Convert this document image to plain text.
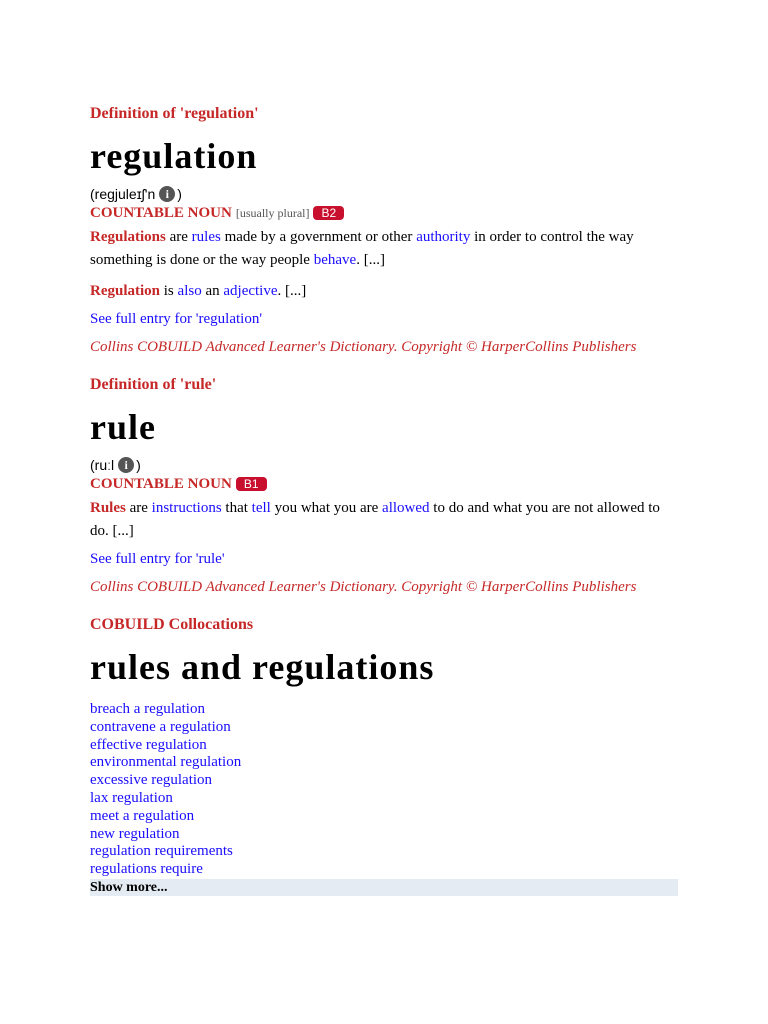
Definition of 'regulation'
regulation
( regjuleɪʃ'n i )
COUNTABLE NOUN [usually plural]	B2
Regulations are rules made by a government or other authority in order to control the way something is done or the way people behave. [...]
Regulation is also an adjective. [...]
See full entry for 'regulation'
Collins COBUILD Advanced Learner's Dictionary. Copyright © HarperCollins Publishers
Definition of 'rule'
rule
( ruːl i )
COUNTABLE NOUN	B1
Rules are instructions that tell you what you are allowed to do and what you are not allowed to do. [...]
See full entry for 'rule'
Collins COBUILD Advanced Learner's Dictionary. Copyright © HarperCollins Publishers
COBUILD Collocations
rules and regulations
breach a regulation
contravene a regulation
effective regulation
environmental regulation
excessive regulation
lax regulation
meet a regulation
new regulation
regulation requirements
regulations require
Show more...
